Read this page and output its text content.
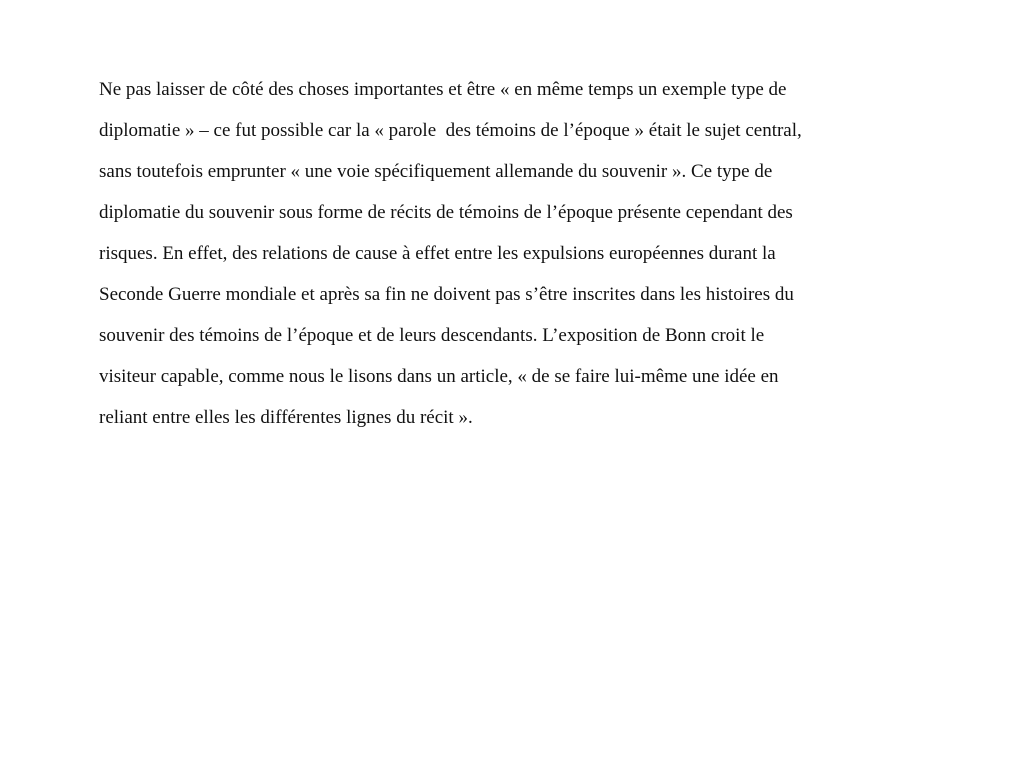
Ne pas laisser de côté des choses importantes et être « en même temps un exemple type de
diplomatie » – ce fut possible car la « parole  des témoins de l’époque » était le sujet central,
sans toutefois emprunter « une voie spécifiquement allemande du souvenir ». Ce type de
diplomatie du souvenir sous forme de récits de témoins de l’époque présente cependant des
risques. En effet, des relations de cause à effet entre les expulsions européennes durant la
Seconde Guerre mondiale et après sa fin ne doivent pas s’être inscrites dans les histoires du
souvenir des témoins de l’époque et de leurs descendants. L’exposition de Bonn croit le
visiteur capable, comme nous le lisons dans un article, « de se faire lui-même une idée en
reliant entre elles les différentes lignes du récit ».
